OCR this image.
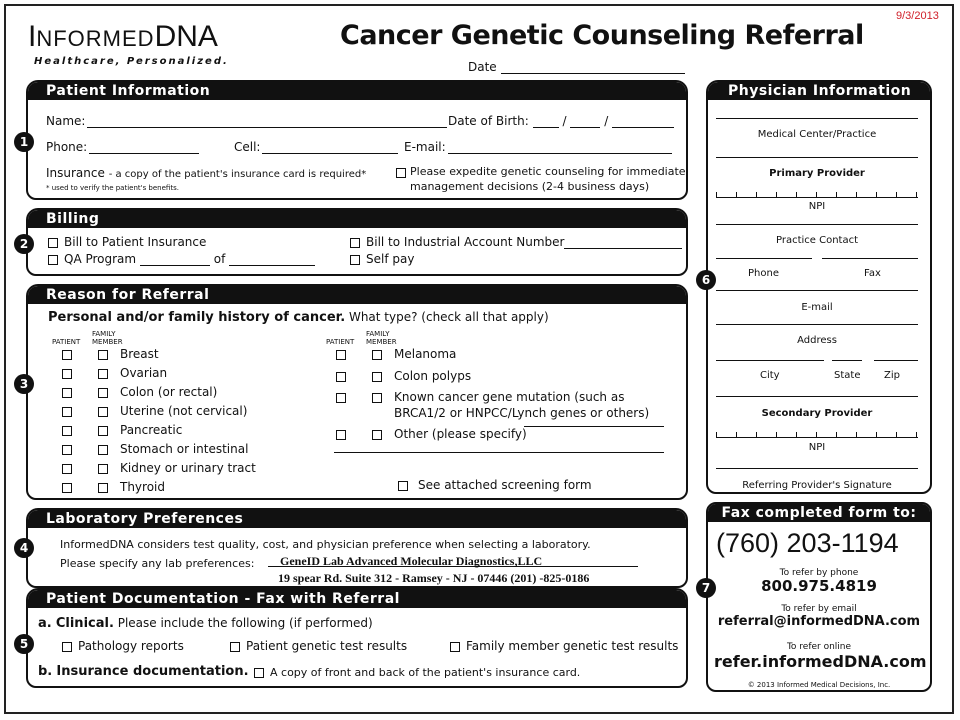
9/3/2013
INFORMEDDNA
Healthcare, Personalized.
Cancer Genetic Counseling Referral
Date
Patient Information
1
Name:	Date of Birth:	/	/
Phone:	Cell:	E-mail:
Insurance - a copy of the patient's insurance card is required*
* used to verify the patient's benefits.
Please expedite genetic counseling for immediate
management decisions (2-4 business days)
Billing
2	Bill to Patient Insurance
QA Program	of
Bill to Industrial Account Number
Self pay
Reason for Referral
3
Personal and/or family history of cancer. What type? (check all that apply)
PATIENT
FAMILY
MEMBER	PATIENT
FAMILY
MEMBER
Breast
Ovarian
Colon (or rectal)
Uterine (not cervical)
Pancreatic
Stomach or intestinal
Kidney or urinary tract
Thyroid
Melanoma
Colon polyps
Known cancer gene mutation (such as
Other (please specify)
BRCA1/2 or HNPCC/Lynch genes or others)
See attached screening form
Laboratory Preferences
4	InformedDNA considers test quality, cost, and physician preference when selecting a laboratory.
Please specify any lab preferences: GeneID Lab Advanced Molecular Diagnostics,LLC
19 spear Rd. Suite 312 - Ramsey - NJ - 07446 (201) -825-0186
Patient Documentation - Fax with Referral
5
a. Clinical. Please include the following (if performed)
Pathology reports	Patient genetic test results	Family member genetic test results
b. Insurance documentation.	A copy of front and back of the patient's insurance card.
Physician Information
6
Medical Center/Practice
Primary Provider
NPI
Practice Contact
Phone	Fax
E-mail
Address
City	State Zip
Secondary Provider
NPI
Referring Provider's Signature
Fax completed form to:
7
(760) 203-1194
To refer by phone
800.975.4819
To refer by email
referral@informedDNA.com
To refer online
refer.informedDNA.com
© 2013 Informed Medical Decisions, Inc.
